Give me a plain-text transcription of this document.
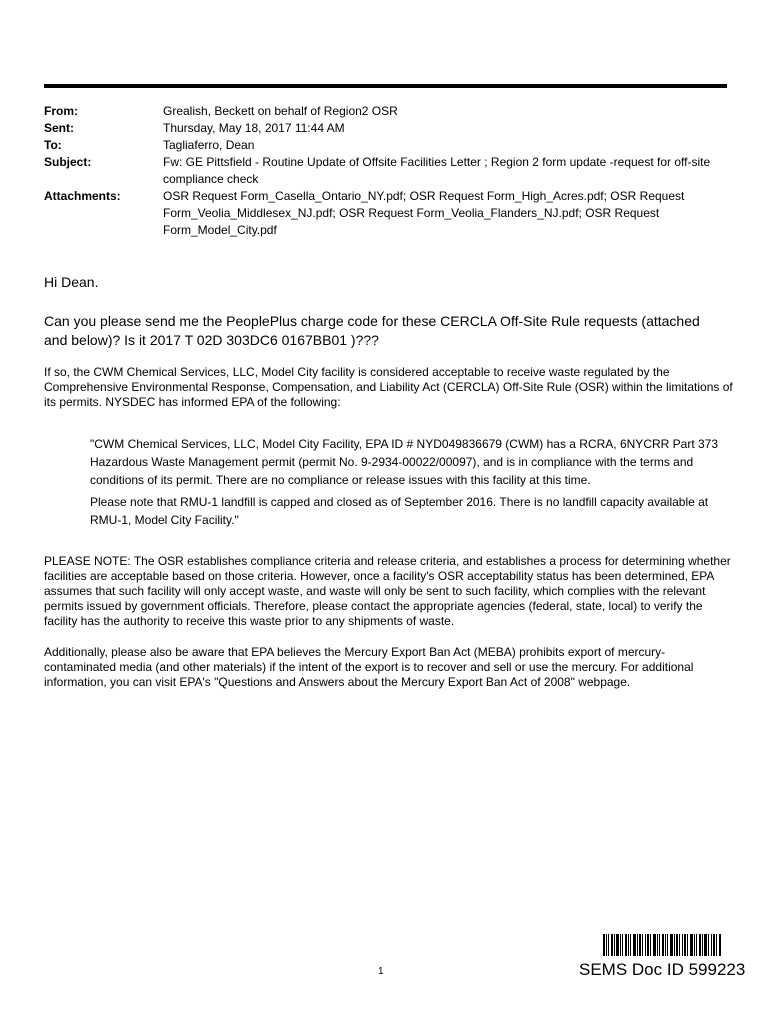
From:	Grealish, Beckett on behalf of Region2 OSR
Sent:	Thursday, May 18, 2017 11:44 AM
To:	Tagliaferro, Dean
Subject:	Fw: GE Pittsfield - Routine Update of Offsite Facilities Letter ; Region 2 form update -request for off-site compliance check
Attachments:	OSR Request Form_Casella_Ontario_NY.pdf; OSR Request Form_High_Acres.pdf; OSR Request Form_Veolia_Middlesex_NJ.pdf; OSR Request Form_Veolia_Flanders_NJ.pdf; OSR Request Form_Model_City.pdf
Hi Dean.
Can you please send me the PeoplePlus charge code for these CERCLA Off-Site Rule requests (attached and below)? Is it 2017 T 02D 303DC6 0167BB01 )???
If so, the CWM Chemical Services, LLC, Model City facility is considered acceptable to receive waste regulated by the Comprehensive Environmental Response, Compensation, and Liability Act (CERCLA) Off-Site Rule (OSR) within the limitations of its permits. NYSDEC has informed EPA of the following:

"CWM Chemical Services, LLC, Model City Facility, EPA ID # NYD049836679 (CWM) has a RCRA, 6NYCRR Part 373 Hazardous Waste Management permit (permit No. 9-2934-00022/00097), and is in compliance with the terms and conditions of its permit. There are no compliance or release issues with this facility at this time.

Please note that RMU-1 landfill is capped and closed as of September 2016. There is no landfill capacity available at RMU-1, Model City Facility."

PLEASE NOTE: The OSR establishes compliance criteria and release criteria, and establishes a process for determining whether facilities are acceptable based on those criteria. However, once a facility's OSR acceptability status has been determined, EPA assumes that such facility will only accept waste, and waste will only be sent to such facility, which complies with the relevant permits issued by government officials. Therefore, please contact the appropriate agencies (federal, state, local) to verify the facility has the authority to receive this waste prior to any shipments of waste.
Additionally, please also be aware that EPA believes the Mercury Export Ban Act (MEBA) prohibits export of mercury-contaminated media (and other materials) if the intent of the export is to recover and sell or use the mercury. For additional information, you can visit EPA's "Questions and Answers about the Mercury Export Ban Act of 2008" webpage.
1	SEMS Doc ID 599223
